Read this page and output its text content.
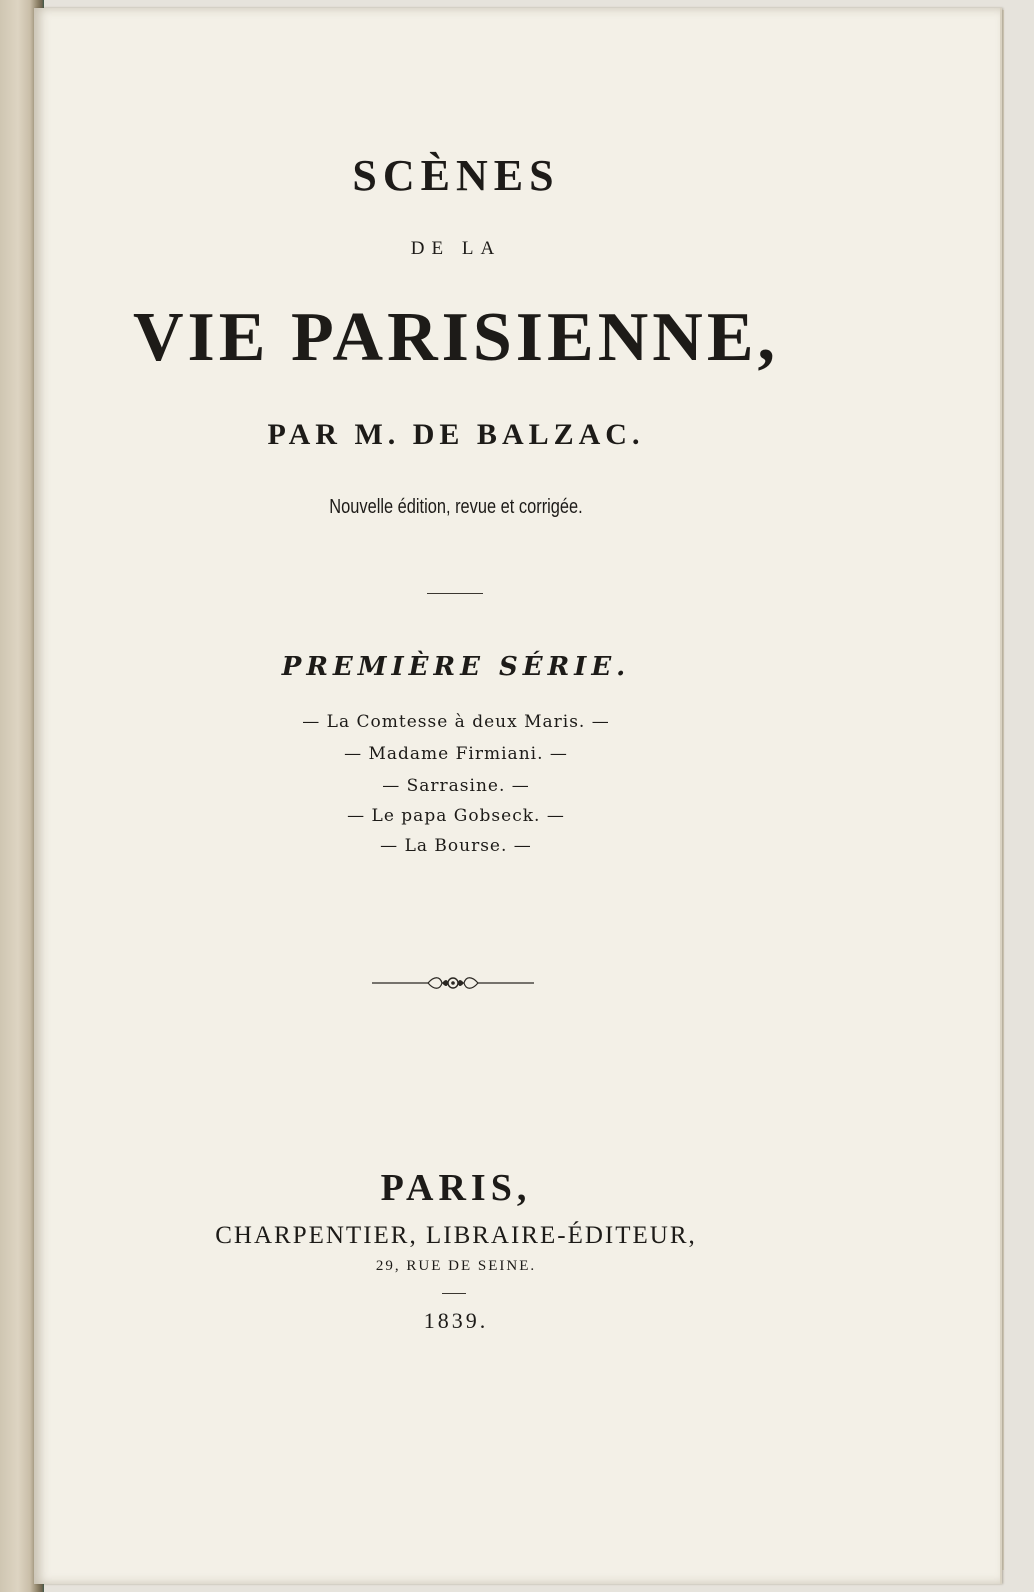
SCÈNES
DE LA
VIE PARISIENNE,
PAR M. DE BALZAC.
Nouvelle édition, revue et corrigée.
PREMIÈRE SÉRIE.
— La Comtesse à deux Maris. —
— Madame Firmiani. —
— Sarrasine. —
— Le papa Gobseck. —
— La Bourse. —
PARIS,
CHARPENTIER, LIBRAIRE-ÉDITEUR,
29, RUE DE SEINE.
1839.
